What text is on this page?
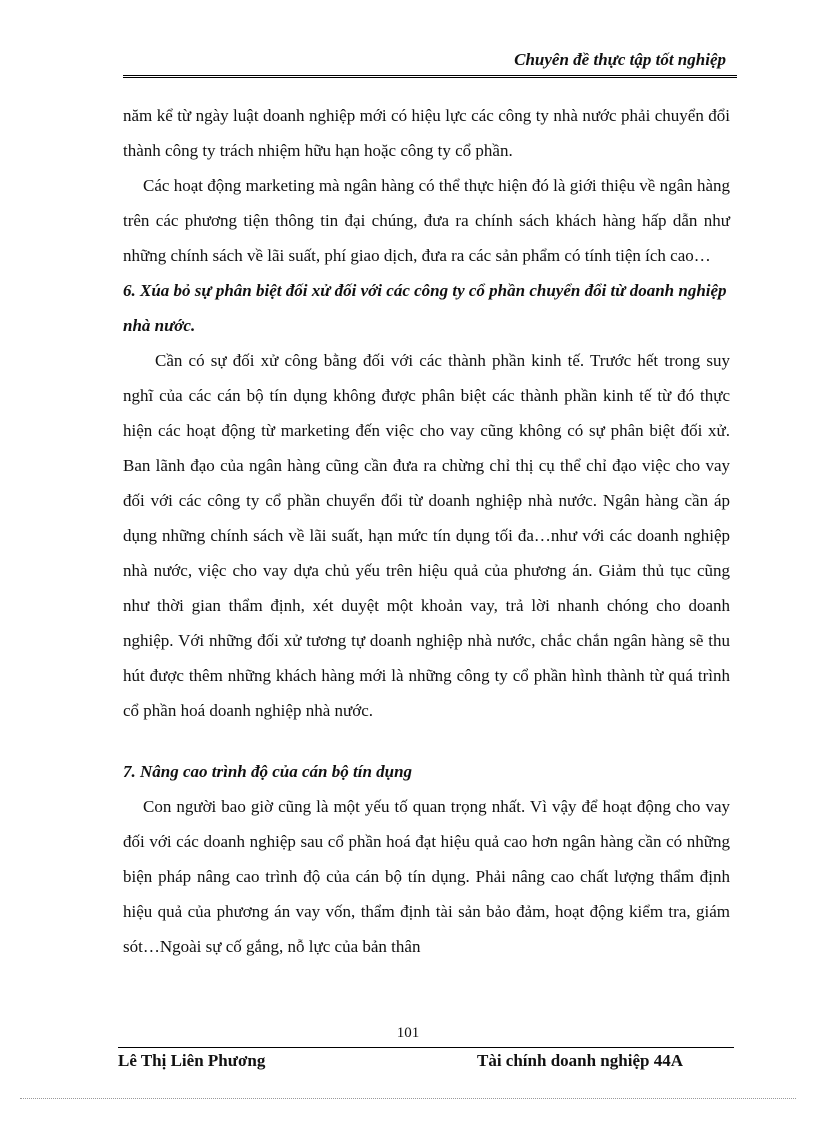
Chuyên đề thực tập tốt nghiệp

năm kể từ ngày luật doanh nghiệp mới có hiệu lực các công ty nhà nước phải chuyển đổi thành công ty trách nhiệm hữu hạn hoặc công ty cổ phần.

Các hoạt động marketing mà ngân hàng có thể thực hiện đó là giới thiệu về ngân hàng trên các phương tiện thông tin đại chúng, đưa ra chính sách khách hàng hấp dẫn như những chính sách về lãi suất, phí giao dịch, đưa ra các sản phẩm có tính tiện ích cao…

6. Xúa bỏ sự phân biệt đối xử đối với các công ty cổ phần chuyển đổi từ doanh nghiệp nhà nước.

Cần có sự đối xử công bằng đối với các thành phần kinh tế. Trước hết trong suy nghĩ của các cán bộ tín dụng không được phân biệt các thành phần kinh tế từ đó thực hiện các hoạt động từ marketing đến việc cho vay cũng không có sự phân biệt đối xử. Ban lãnh đạo của ngân hàng cũng cần đưa ra chừng chỉ thị cụ thể chỉ đạo việc cho vay đối với các công ty cổ phần chuyển đổi từ doanh nghiệp nhà nước. Ngân hàng cần áp dụng những chính sách về lãi suất, hạn mức tín dụng tối đa…như với các doanh nghiệp nhà nước, việc cho vay dựa chủ yếu trên hiệu quả của phương án. Giảm thủ tục cũng như thời gian thẩm định, xét duyệt một khoản vay, trả lời nhanh chóng cho doanh nghiệp. Với những đối xử tương tự doanh nghiệp nhà nước, chắc chắn ngân hàng sẽ thu hút được thêm những khách hàng mới là những công ty cổ phần hình thành từ quá trình cổ phần hoá doanh nghiệp nhà nước.

7. Nâng cao trình độ của cán bộ tín dụng

Con người bao giờ cũng là một yếu tố quan trọng nhất. Vì vậy để hoạt động cho vay đối với các doanh nghiệp sau cổ phần hoá đạt hiệu quả cao hơn ngân hàng cần có những biện pháp nâng cao trình độ của cán bộ tín dụng. Phải nâng cao chất lượng thẩm định hiệu quả của phương án vay vốn, thẩm định tài sản bảo đảm, hoạt động kiểm tra, giám sót…Ngoài sự cố gắng, nỗ lực của bản thân

101
Lê Thị Liên Phương	Tài chính doanh nghiệp 44A
